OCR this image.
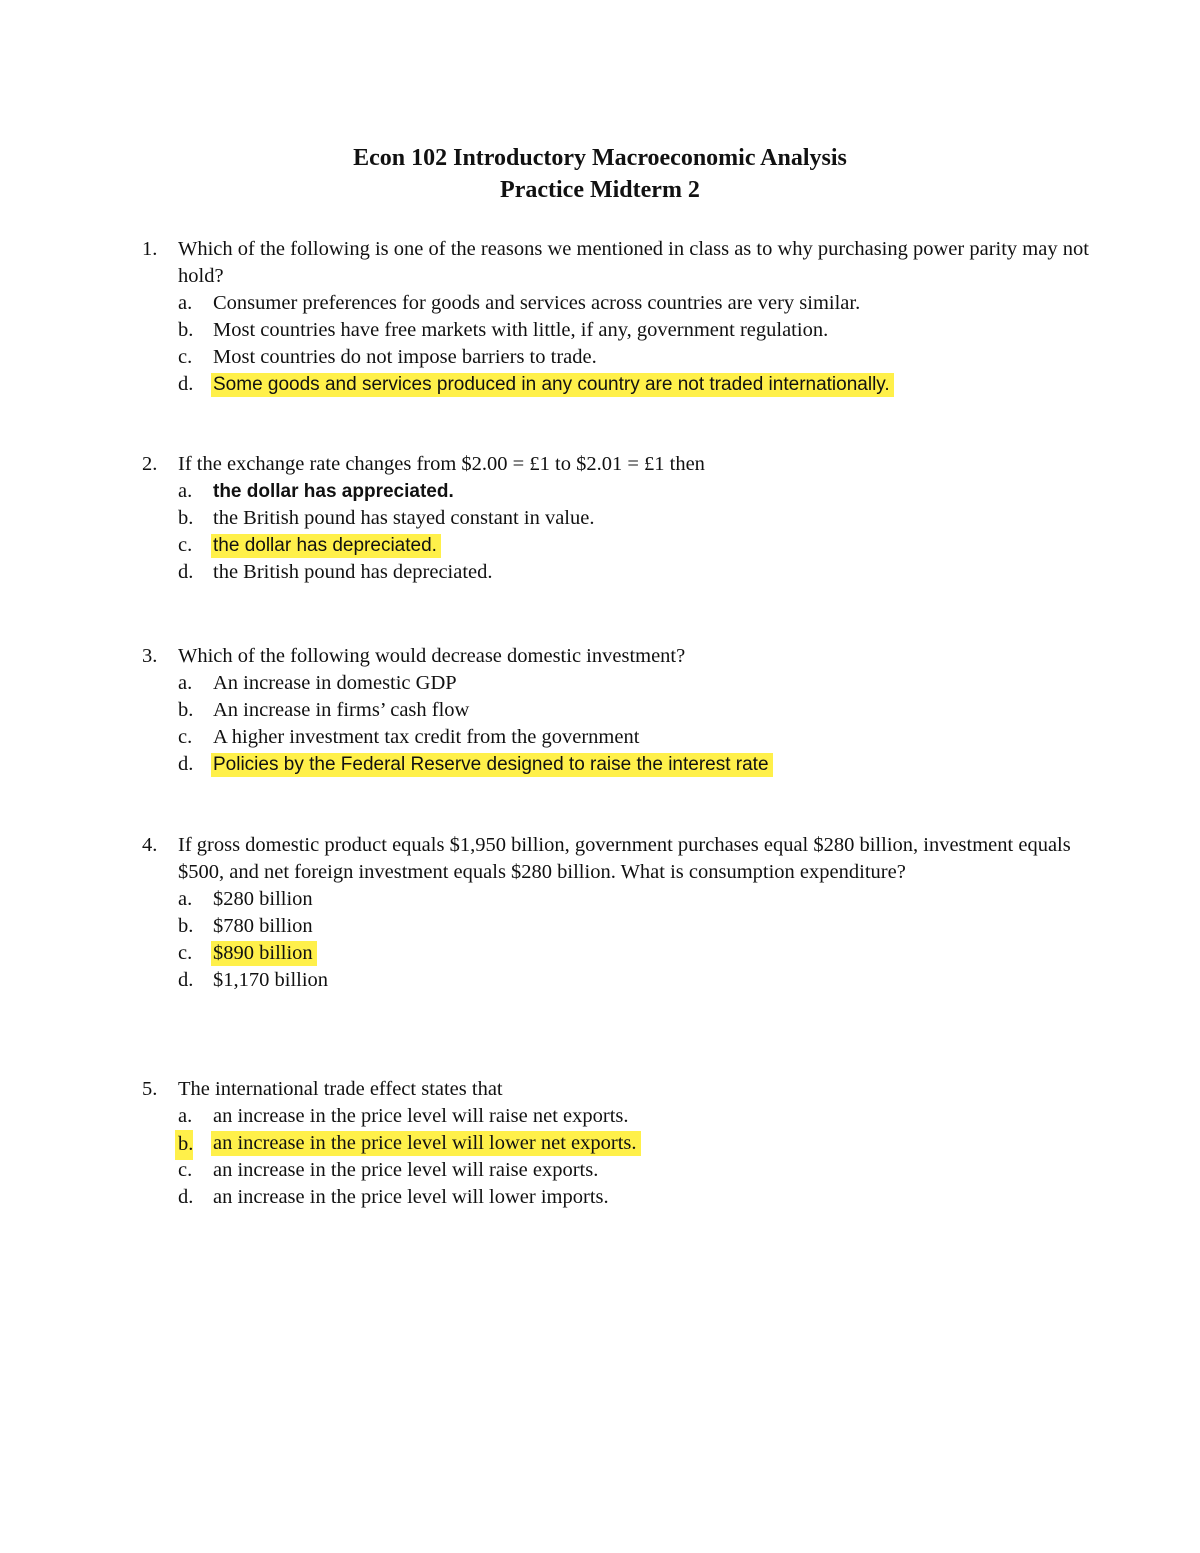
Econ 102 Introductory Macroeconomic Analysis
Practice Midterm 2
1. Which of the following is one of the reasons we mentioned in class as to why purchasing power parity may not hold?
a. Consumer preferences for goods and services across countries are very similar.
b. Most countries have free markets with little, if any, government regulation.
c. Most countries do not impose barriers to trade.
d. Some goods and services produced in any country are not traded internationally.
2. If the exchange rate changes from $2.00 = £1 to $2.01 = £1 then
a. the dollar has appreciated.
b. the British pound has stayed constant in value.
c. the dollar has depreciated.
d. the British pound has depreciated.
3. Which of the following would decrease domestic investment?
a. An increase in domestic GDP
b. An increase in firms’ cash flow
c. A higher investment tax credit from the government
d. Policies by the Federal Reserve designed to raise the interest rate
4. If gross domestic product equals $1,950 billion, government purchases equal $280 billion, investment equals $500, and net foreign investment equals $280 billion. What is consumption expenditure?
a. $280 billion
b. $780 billion
c. $890 billion
d. $1,170 billion
5. The international trade effect states that
a. an increase in the price level will raise net exports.
b. an increase in the price level will lower net exports.
c. an increase in the price level will raise exports.
d. an increase in the price level will lower imports.
